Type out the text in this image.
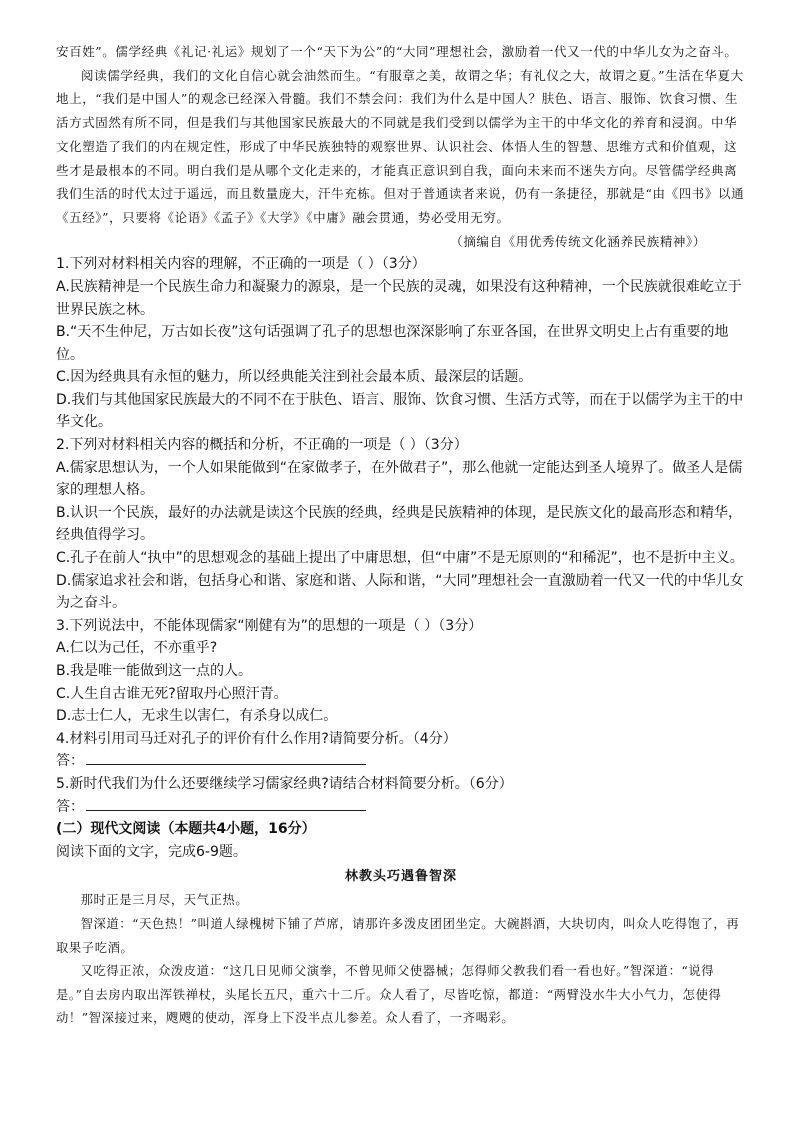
安百姓”。儒学经典《礼记·礼运》规划了一个“天下为公”的“大同”理想社会，激励着一代又一代的中华儿女为之奋斗。

阅读儒学经典，我们的文化自信心就会油然而生。“有服章之美，故谓之华；有礼仪之大，故谓之夏。”生活在华夏大地上，“我们是中国人”的观念已经深入骨髓。我们不禁会问：我们为什么是中国人？肤色、语言、服饰、饮食习惯、生活方式固然有所不同，但是我们与其他国家民族最大的不同就是我们受到以儒学为主干的中华文化的养育和浸润。中华文化塑造了我们的内在规定性，形成了中华民族独特的观察世界、认识社会、体悟人生的智慧、思维方式和价值观，这些才是最根本的不同。明白我们是从哪个文化走来的，才能真正意识到自我，面向未来而不迷失方向。尽管儒学经典离我们生活的时代太过于遥远，而且数量庞大，汗牛充栋。但对于普通读者来说，仍有一条捷径，那就是“由《四书》以通《五经》”，只要将《论语》《孟子》《大学》《中庸》融会贯通，势必受用无穷。

（摘编自《用优秀传统文化涵养民族精神》）

1.下列对材料相关内容的理解，不正确的一项是（ ）（3分）

A.民族精神是一个民族生命力和凝聚力的源泉，是一个民族的灵魂，如果没有这种精神，一个民族就很难屹立于世界民族之林。

B.“天不生仲尼，万古如长夜”这句话强调了孔子的思想也深深影响了东亚各国，在世界文明史上占有重要的地位。

C.因为经典具有永恒的魅力，所以经典能关注到社会最本质、最深层的话题。

D.我们与其他国家民族最大的不同不在于肤色、语言、服饰、饮食习惯、生活方式等，而在于以儒学为主干的中华文化。

2.下列对材料相关内容的概括和分析，不正确的一项是（ ）（3分）

A.儒家思想认为，一个人如果能做到“在家做孝子，在外做君子”，那么他就一定能达到圣人境界了。做圣人是儒家的理想人格。

B.认识一个民族，最好的办法就是读这个民族的经典，经典是民族精神的体现，是民族文化的最高形态和精华，经典值得学习。

C.孔子在前人“执中”的思想观念的基础上提出了中庸思想，但“中庸”不是无原则的“和稀泥”，也不是折中主义。

D.儒家追求社会和谐，包括身心和谐、家庭和谐、人际和谐，“大同”理想社会一直激励着一代又一代的中华儿女为之奋斗。

3.下列说法中，不能体现儒家“刚健有为”的思想的一项是（ ）（3分）

A.仁以为己任，不亦重乎?

B.我是唯一能做到这一点的人。

C.人生自古谁无死?留取丹心照汗青。

D.志士仁人，无求生以害仁，有杀身以成仁。

4.材料引用司马迁对孔子的评价有什么作用?请简要分析。（4分）

答：

5.新时代我们为什么还要继续学习儒家经典?请结合材料简要分析。（6分）

答：

(二）现代文阅读（本题共4小题，16分）

阅读下面的文字，完成6-9题。

林教头巧遇鲁智深

那时正是三月尽，天气正热。

智深道：“天色热！”叫道人绿槐树下铺了芦席，请那许多泼皮团团坐定。大碗斟酒，大块切肉，叫众人吃得饱了，再取果子吃酒。

又吃得正浓，众泼皮道：“这几日见师父演拳，不曾见师父使器械；怎得师父教我们看一看也好。”智深道：“说得是。”自去房内取出浑铁禅杖，头尾长五尺，重六十二斤。众人看了，尽皆吃惊，都道：“两臂没水牛大小气力，怎使得动！”智深接过来，飕飕的使动，浑身上下没半点儿参差。众人看了，一齐喝彩。
